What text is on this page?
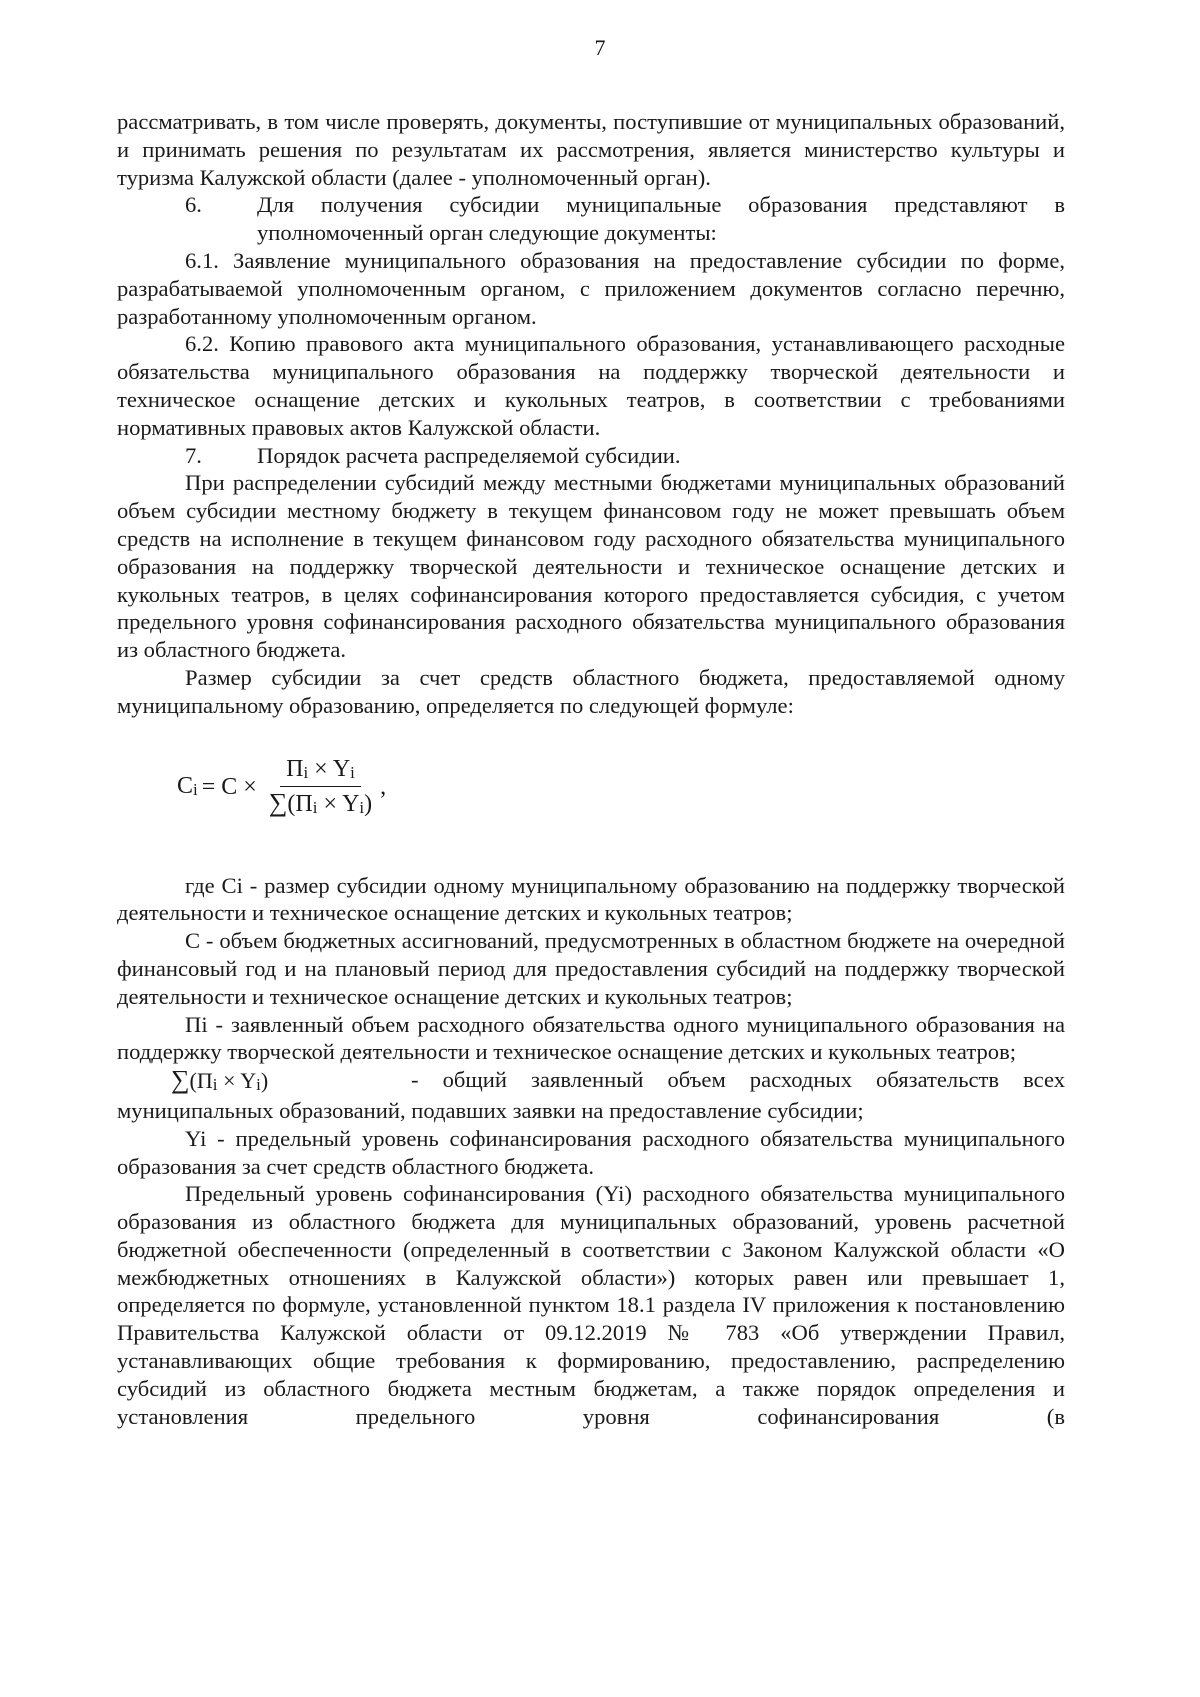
7

рассматривать, в том числе проверять, документы, поступившие от муниципальных образований, и принимать решения по результатам их рассмотрения, является министерство культуры и туризма Калужской области (далее - уполномоченный орган).

6.	Для получения субсидии муниципальные образования представляют в уполномоченный орган следующие документы:

6.1. Заявление муниципального образования на предоставление субсидии по форме, разрабатываемой уполномоченным органом, с приложением документов согласно перечню, разработанному уполномоченным органом.

6.2. Копию правового акта муниципального образования, устанавливающего расходные обязательства муниципального образования на поддержку творческой деятельности и техническое оснащение детских и кукольных театров, в соответствии с требованиями нормативных правовых актов Калужской области.

7.	Порядок расчета распределяемой субсидии.

При распределении субсидий между местными бюджетами муниципальных образований объем субсидии местному бюджету в текущем финансовом году не может превышать объем средств на исполнение в текущем финансовом году расходного обязательства муниципального образования на поддержку творческой деятельности и техническое оснащение детских и кукольных театров, в целях софинансирования которого предоставляется субсидия, с учетом предельного уровня софинансирования расходного обязательства муниципального образования из областного бюджета.

Размер субсидии за счет средств областного бюджета, предоставляемой одному муниципальному образованию, определяется по следующей формуле:

$Ci = C \times \frac{Пi \times Yi}{\sum(Пi \times Yi)}$ ,

где Ci - размер субсидии одному муниципальному образованию на поддержку творческой деятельности и техническое оснащение детских и кукольных театров;

С - объем бюджетных ассигнований, предусмотренных в областном бюджете на очередной финансовый год и на плановый период для предоставления субсидий на поддержку творческой деятельности и техническое оснащение детских и кукольных театров;

Пi - заявленный объем расходного обязательства одного муниципального образования на поддержку творческой деятельности и техническое оснащение детских и кукольных театров;

∑(Пi × Yi)	- общий заявленный объем расходных обязательств всех

муниципальных образований, подавших заявки на предоставление субсидии;

Yi - предельный уровень софинансирования расходного обязательства муниципального образования за счет средств областного бюджета.

Предельный уровень софинансирования (Yi) расходного обязательства муниципального образования из областного бюджета для муниципальных образований, уровень расчетной бюджетной обеспеченности (определенный в соответствии с Законом Калужской области «О межбюджетных отношениях в Калужской области») которых равен или превышает 1, определяется по формуле, установленной пунктом 18.1 раздела IV приложения к постановлению Правительства Калужской области от 09.12.2019 № 783 «Об утверждении Правил, устанавливающих общие требования к формированию, предоставлению, распределению субсидий из областного бюджета местным бюджетам, а также порядок определения и установления предельного уровня софинансирования (в
